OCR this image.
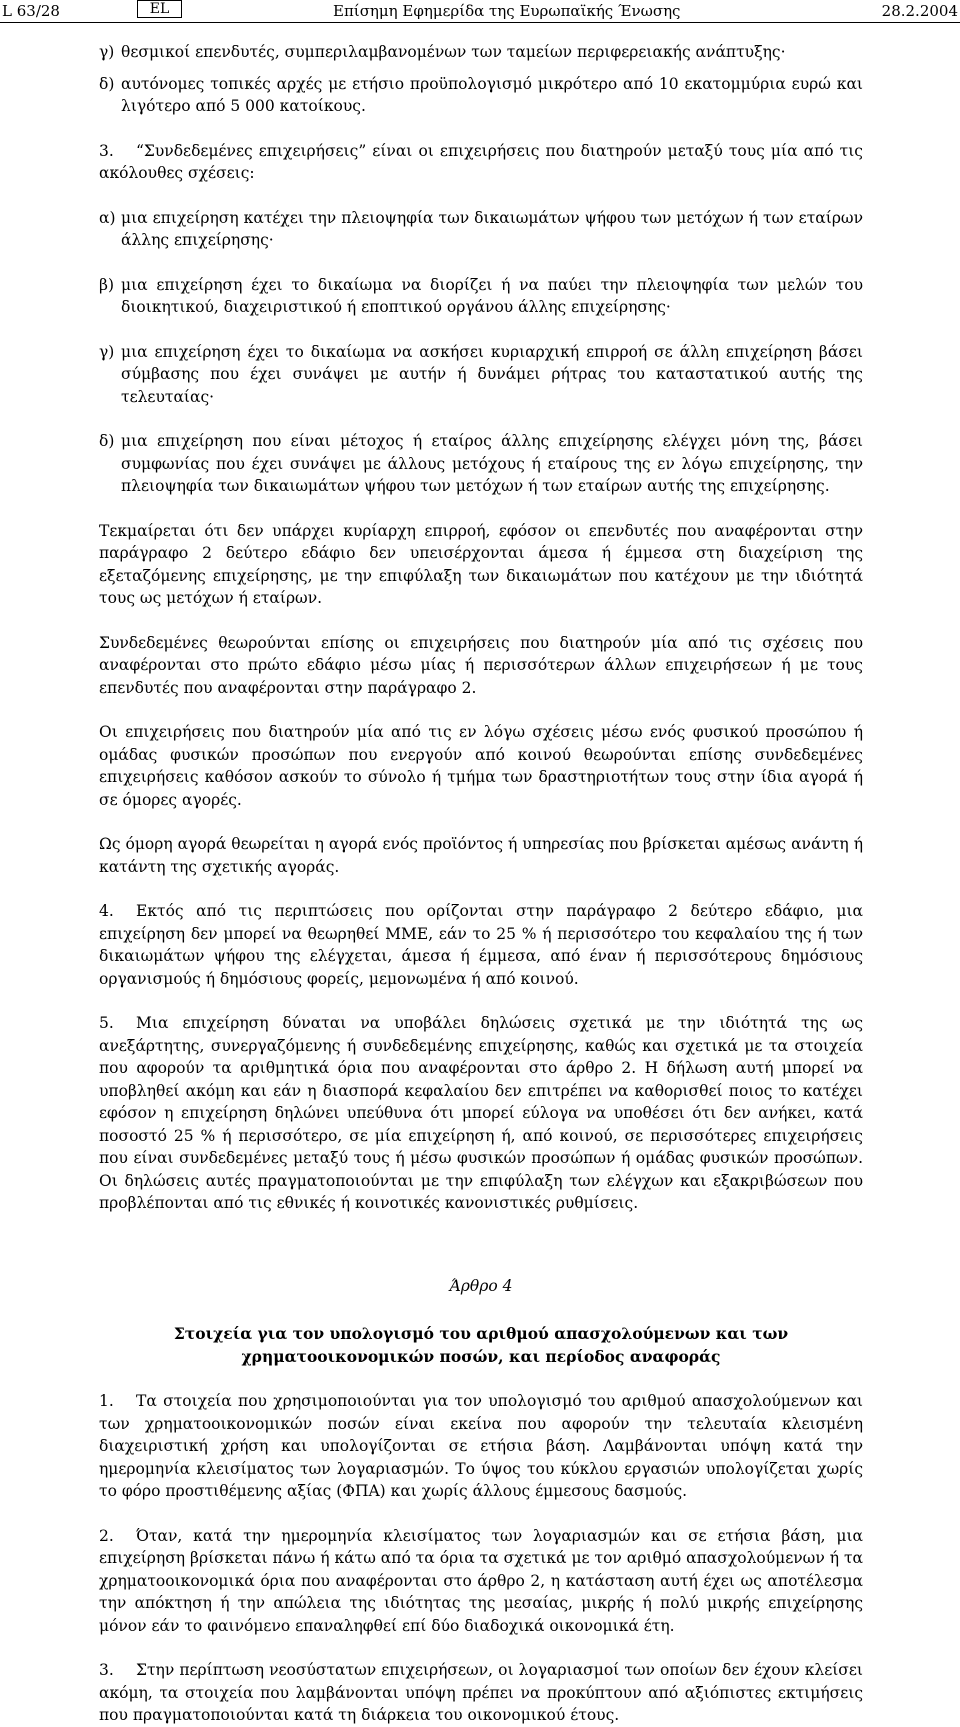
L 63/28	EL	Επίσημη Εφημερίδα της Ευρωπαϊκής Ένωσης	28.2.2004
γ) θεσμικοί επενδυτές, συμπεριλαμβανομένων των ταμείων περιφερειακής ανάπτυξης·
δ) αυτόνομες τοπικές αρχές με ετήσιο προϋπολογισμό μικρότερο από 10 εκατομμύρια ευρώ και λιγότερο από 5 000 κατοίκους.

3. “Συνδεδεμένες επιχειρήσεις” είναι οι επιχειρήσεις που διατηρούν μεταξύ τους μία από τις ακόλουθες σχέσεις:

α) μια επιχείρηση κατέχει την πλειοψηφία των δικαιωμάτων ψήφου των μετόχων ή των εταίρων άλλης επιχείρησης·
β) μια επιχείρηση έχει το δικαίωμα να διορίζει ή να παύει την πλειοψηφία των μελών του διοικητικού, διαχειριστικού ή εποπτικού οργάνου άλλης επιχείρησης·
γ) μια επιχείρηση έχει το δικαίωμα να ασκήσει κυριαρχική επιρροή σε άλλη επιχείρηση βάσει σύμβασης που έχει συνάψει με αυτήν ή δυνάμει ρήτρας του καταστατικού αυτής της τελευταίας·
δ) μια επιχείρηση που είναι μέτοχος ή εταίρος άλλης επιχείρησης ελέγχει μόνη της, βάσει συμφωνίας που έχει συνάψει με άλλους μετόχους ή εταίρους της εν λόγω επιχείρησης, την πλειοψηφία των δικαιωμάτων ψήφου των μετόχων ή των εταίρων αυτής της επιχείρησης.

Τεκμαίρεται ότι δεν υπάρχει κυρίαρχη επιρροή, εφόσον οι επενδυτές που αναφέρονται στην παράγραφο 2 δεύτερο εδάφιο δεν υπεισέρχονται άμεσα ή έμμεσα στη διαχείριση της εξεταζόμενης επιχείρησης, με την επιφύλαξη των δικαιωμάτων που κατέχουν με την ιδιότητά τους ως μετόχων ή εταίρων.

Συνδεδεμένες θεωρούνται επίσης οι επιχειρήσεις που διατηρούν μία από τις σχέσεις που αναφέρονται στο πρώτο εδάφιο μέσω μίας ή περισσότερων άλλων επιχειρήσεων ή με τους επενδυτές που αναφέρονται στην παράγραφο 2.

Οι επιχειρήσεις που διατηρούν μία από τις εν λόγω σχέσεις μέσω ενός φυσικού προσώπου ή ομάδας φυσικών προσώπων που ενεργούν από κοινού θεωρούνται επίσης συνδεδεμένες επιχειρήσεις καθόσον ασκούν το σύνολο ή τμήμα των δραστηριοτήτων τους στην ίδια αγορά ή σε όμορες αγορές.

Ως όμορη αγορά θεωρείται η αγορά ενός προϊόντος ή υπηρεσίας που βρίσκεται αμέσως ανάντη ή κατάντη της σχετικής αγοράς.

4. Εκτός από τις περιπτώσεις που ορίζονται στην παράγραφο 2 δεύτερο εδάφιο, μια επιχείρηση δεν μπορεί να θεωρηθεί ΜΜΕ, εάν το 25 % ή περισσότερο του κεφαλαίου της ή των δικαιωμάτων ψήφου της ελέγχεται, άμεσα ή έμμεσα, από έναν ή περισσότερους δημόσιους οργανισμούς ή δημόσιους φορείς, μεμονωμένα ή από κοινού.

5. Μια επιχείρηση δύναται να υποβάλει δηλώσεις σχετικά με την ιδιότητά της ως ανεξάρτητης, συνεργαζόμενης ή συνδεδεμένης επιχείρησης, καθώς και σχετικά με τα στοιχεία που αφορούν τα αριθμητικά όρια που αναφέρονται στο άρθρο 2. Η δήλωση αυτή μπορεί να υποβληθεί ακόμη και εάν η διασπορά κεφαλαίου δεν επιτρέπει να καθορισθεί ποιος το κατέχει εφόσον η επιχείρηση δηλώνει υπεύθυνα ότι μπορεί εύλογα να υποθέσει ότι δεν ανήκει, κατά ποσοστό 25 % ή περισσότερο, σε μία επιχείρηση ή, από κοινού, σε περισσότερες επιχειρήσεις που είναι συνδεδεμένες μεταξύ τους ή μέσω φυσικών προσώπων ή ομάδας φυσικών προσώπων. Οι δηλώσεις αυτές πραγματοποιούνται με την επιφύλαξη των ελέγχων και εξακριβώσεων που προβλέπονται από τις εθνικές ή κοινοτικές κανονιστικές ρυθμίσεις.

Άρθρο 4

Στοιχεία για τον υπολογισμό του αριθμού απασχολούμενων και των χρηματοοικονομικών ποσών, και περίοδος αναφοράς

1. Τα στοιχεία που χρησιμοποιούνται για τον υπολογισμό του αριθμού απασχολούμενων και των χρηματοοικονομικών ποσών είναι εκείνα που αφορούν την τελευταία κλεισμένη διαχειριστική χρήση και υπολογίζονται σε ετήσια βάση. Λαμβάνονται υπόψη κατά την ημερομηνία κλεισίματος των λογαριασμών. Το ύψος του κύκλου εργασιών υπολογίζεται χωρίς το φόρο προστιθέμενης αξίας (ΦΠΑ) και χωρίς άλλους έμμεσους δασμούς.

2. Όταν, κατά την ημερομηνία κλεισίματος των λογαριασμών και σε ετήσια βάση, μια επιχείρηση βρίσκεται πάνω ή κάτω από τα όρια τα σχετικά με τον αριθμό απασχολούμενων ή τα χρηματοοικονομικά όρια που αναφέρονται στο άρθρο 2, η κατάσταση αυτή έχει ως αποτέλεσμα την απόκτηση ή την απώλεια της ιδιότητας της μεσαίας, μικρής ή πολύ μικρής επιχείρησης μόνον εάν το φαινόμενο επαναληφθεί επί δύο διαδοχικά οικονομικά έτη.

3. Στην περίπτωση νεοσύστατων επιχειρήσεων, οι λογαριασμοί των οποίων δεν έχουν κλείσει ακόμη, τα στοιχεία που λαμβάνονται υπόψη πρέπει να προκύπτουν από αξιόπιστες εκτιμήσεις που πραγματοποιούνται κατά τη διάρκεια του οικονομικού έτους.
